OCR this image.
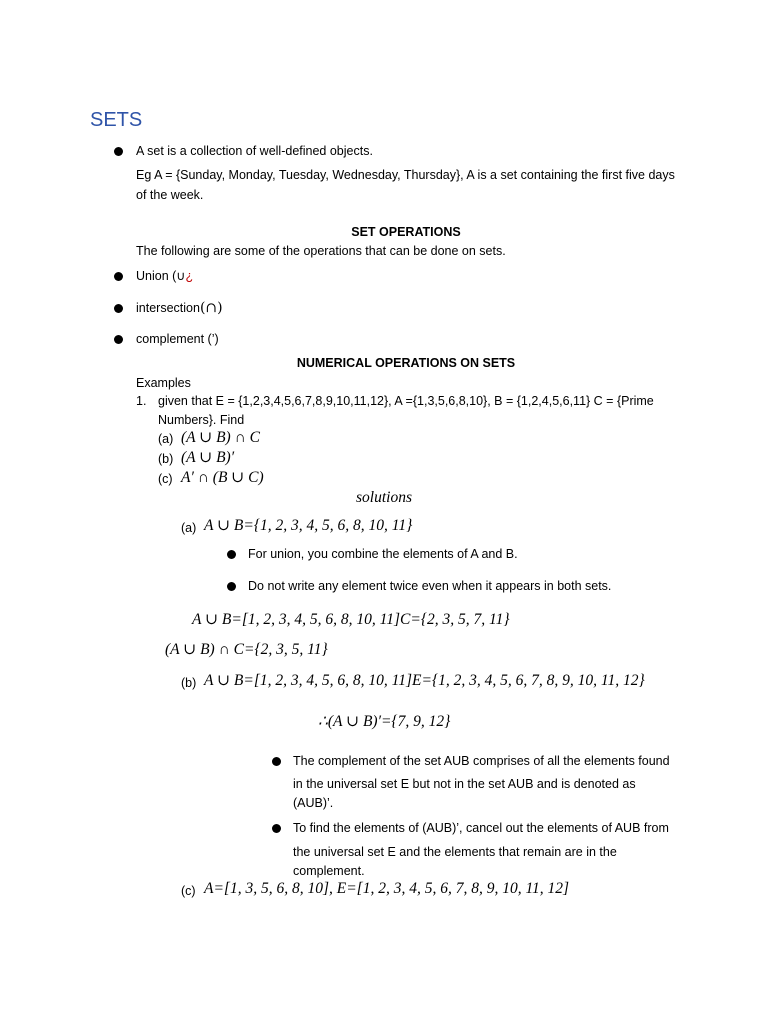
SETS
A set is a collection of well-defined objects.
Eg A = {Sunday, Monday, Tuesday, Wednesday, Thursday}, A is a set containing the first five days
of the week.
SET OPERATIONS
The following are some of the operations that can be done on sets.
Union (∪¿
intersection(∩)
complement (’)
NUMERICAL OPERATIONS ON SETS
Examples
1. given that E = {1,2,3,4,5,6,7,8,9,10,11,12}, A ={1,3,5,6,8,10}, B = {1,2,4,5,6,11} C = {Prime
Numbers}. Find
(a) (A ∪ B) ∩ C
(b) (A ∪ B)′
(c) A′ ∩ (B ∪ C)
solutions
(a) A ∪ B={1, 2, 3, 4, 5, 6, 8, 10, 11}
For union, you combine the elements of A and B.
Do not write any element twice even when it appears in both sets.
A ∪ B=[1, 2, 3, 4, 5, 6, 8, 10, 11]C={2, 3, 5, 7, 11}
(A ∪ B) ∩ C={2, 3, 5, 11}
(b) A ∪ B=[1, 2, 3, 4, 5, 6, 8, 10, 11]E={1, 2, 3, 4, 5, 6, 7, 8, 9, 10, 11, 12}
∴(A ∪ B)′={7, 9, 12}
The complement of the set AUB comprises of all the elements found
in the universal set E but not in the set AUB and is denoted as
(AUB)’.
To find the elements of (AUB)’, cancel out the elements of AUB from
the universal set E and the elements that remain are in the
complement.
(c) A=[1, 3, 5, 6, 8, 10], E=[1, 2, 3, 4, 5, 6, 7, 8, 9, 10, 11, 12]
